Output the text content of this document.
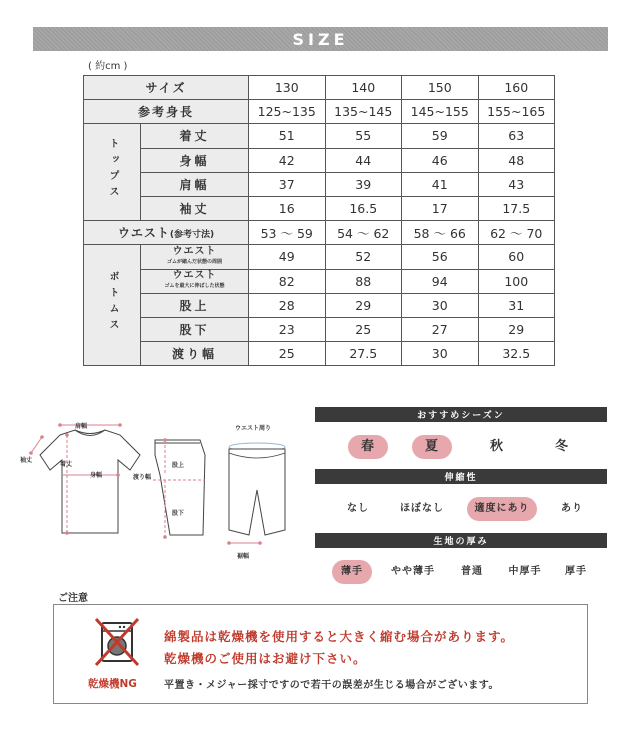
SIZE
( 約cm )
サイズ		130	140	150	160
参考身長		125~135	135~145	145~155	155~165
トップス	着丈	51	55	59	63
	身幅	42	44	46	48
	肩幅	37	39	41	43
	袖丈	16	16.5	17	17.5
ウエスト(参考寸法)		53 ～ 59	54 ～ 62	58 ～ 66	62 ～ 70
ボトムス	ウエスト
ゴムが縮んだ状態の周囲	49	52	56	60

	ウエスト
ゴムを最大に伸ばした状態	82	88	94	100
	股上	28	29	30	31
	股下	23	25	27	29
	渡り幅	25	27.5	30	32.5
肩幅
袖丈
着丈
身幅	渡り幅
股上
股下
ウエスト周り
裾幅
おすすめシーズン
春	夏	秋	冬
伸縮性
なし	ほぼなし	適度にあり	あり
生地の厚み
薄手	やや薄手	普通	中厚手	厚手
ご注意
乾燥機NG
綿製品は乾燥機を使用すると大きく縮む場合があります。
乾燥機のご使用はお避け下さい。
平置き・メジャー採寸ですので若干の誤差が生じる場合がございます。
